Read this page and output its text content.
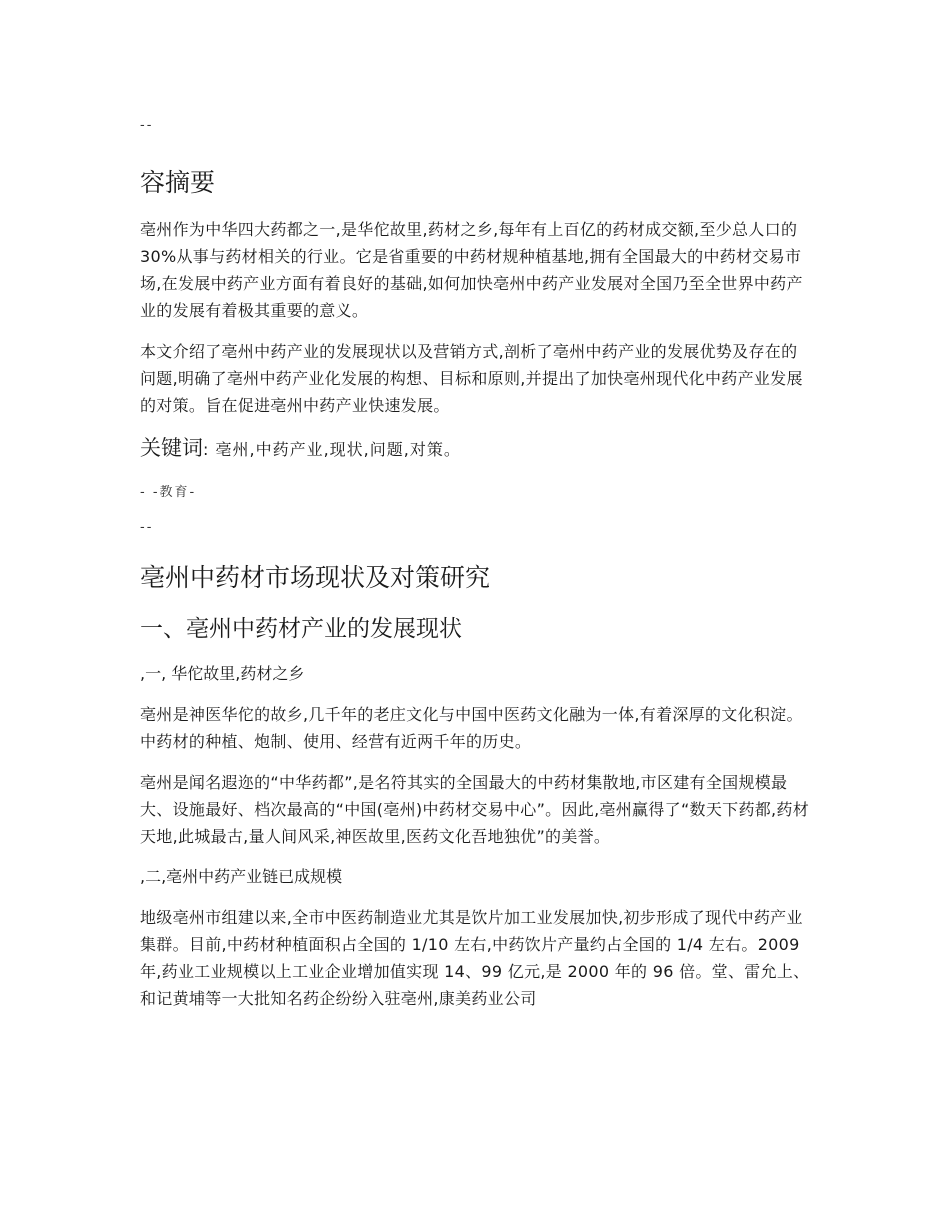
--

容摘要

亳州作为中华四大药都之一,是华佗故里,药材之乡,每年有上百亿的药材成交额,至少总人口的 30%从事与药材相关的行业。它是省重要的中药材规种植基地,拥有全国最大的中药材交易市场,在发展中药产业方面有着良好的基础,如何加快亳州中药产业发展对全国乃至全世界中药产业的发展有着极其重要的意义。

本文介绍了亳州中药产业的发展现状以及营销方式,剖析了亳州中药产业的发展优势及存在的问题,明确了亳州中药产业化发展的构想、目标和原则,并提出了加快亳州现代化中药产业发展的对策。旨在促进亳州中药产业快速发展。

关键词: 亳州,中药产业,现状,问题,对策。

- -教育-

--

亳州中药材市场现状及对策研究
一、亳州中药材产业的发展现状

,一, 华佗故里,药材之乡

亳州是神医华佗的故乡,几千年的老庄文化与中国中医药文化融为一体,有着深厚的文化积淀。中药材的种植、炮制、使用、经营有近两千年的历史。

亳州是闻名遐迩的“中华药都”,是名符其实的全国最大的中药材集散地,市区建有全国规模最大、设施最好、档次最高的“中国(亳州)中药材交易中心”。因此,亳州赢得了“数天下药都,药材天地,此城最古,量人间风采,神医故里,医药文化吾地独优”的美誉。

,二,亳州中药产业链已成规模

地级亳州市组建以来,全市中医药制造业尤其是饮片加工业发展加快,初步形成了现代中药产业集群。目前,中药材种植面积占全国的 1/10 左右,中药饮片产量约占全国的 1/4 左右。2009 年,药业工业规模以上工业企业增加值实现 14、99 亿元,是 2000 年的 96 倍。堂、雷允上、和记黄埔等一大批知名药企纷纷入驻亳州,康美药业公司
